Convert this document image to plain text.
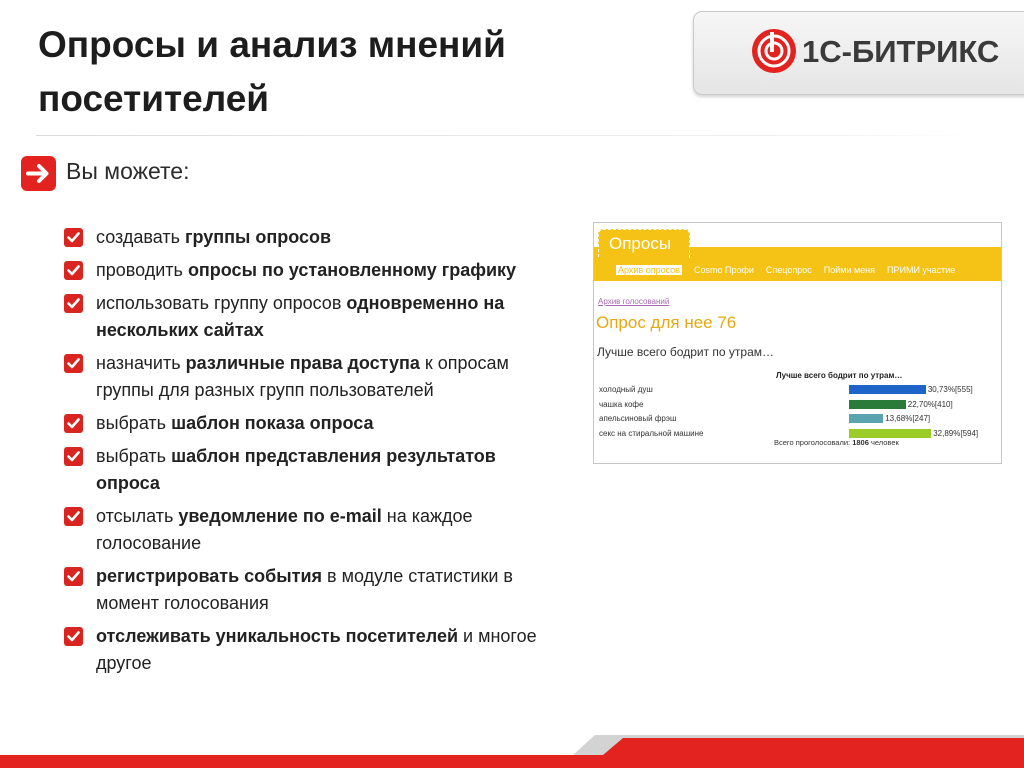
Опросы и анализ мнений
посетителей
1С-БИТРИКС
Вы можете:
создавать группы опросов
проводить опросы по установленному графику
использовать группу опросов одновременно на нескольких сайтах
назначить различные права доступа к опросам группы для разных групп пользователей
выбрать шаблон показа опроса
выбрать шаблон представления результатов опроса
отсылать уведомление по e-mail на каждое голосование
регистрировать события в модуле статистики в момент голосования
отслеживать уникальность посетителей и многое другое
Опросы
Архив опросов Cosmo Профи Спецопрос Пойми меня ПРИМИ участие
Архив голосований
Опрос для нее 76
Лучше всего бодрит по утрам…
Лучше всего бодрит по утрам…
холодный душ	30,73%[555]
чашка кофе	22,70%[410]
апельсиновый фрэш	13,68%[247]
секс на стиральной машине	32,89%[594]
Всего проголосовали: 1806 человек
